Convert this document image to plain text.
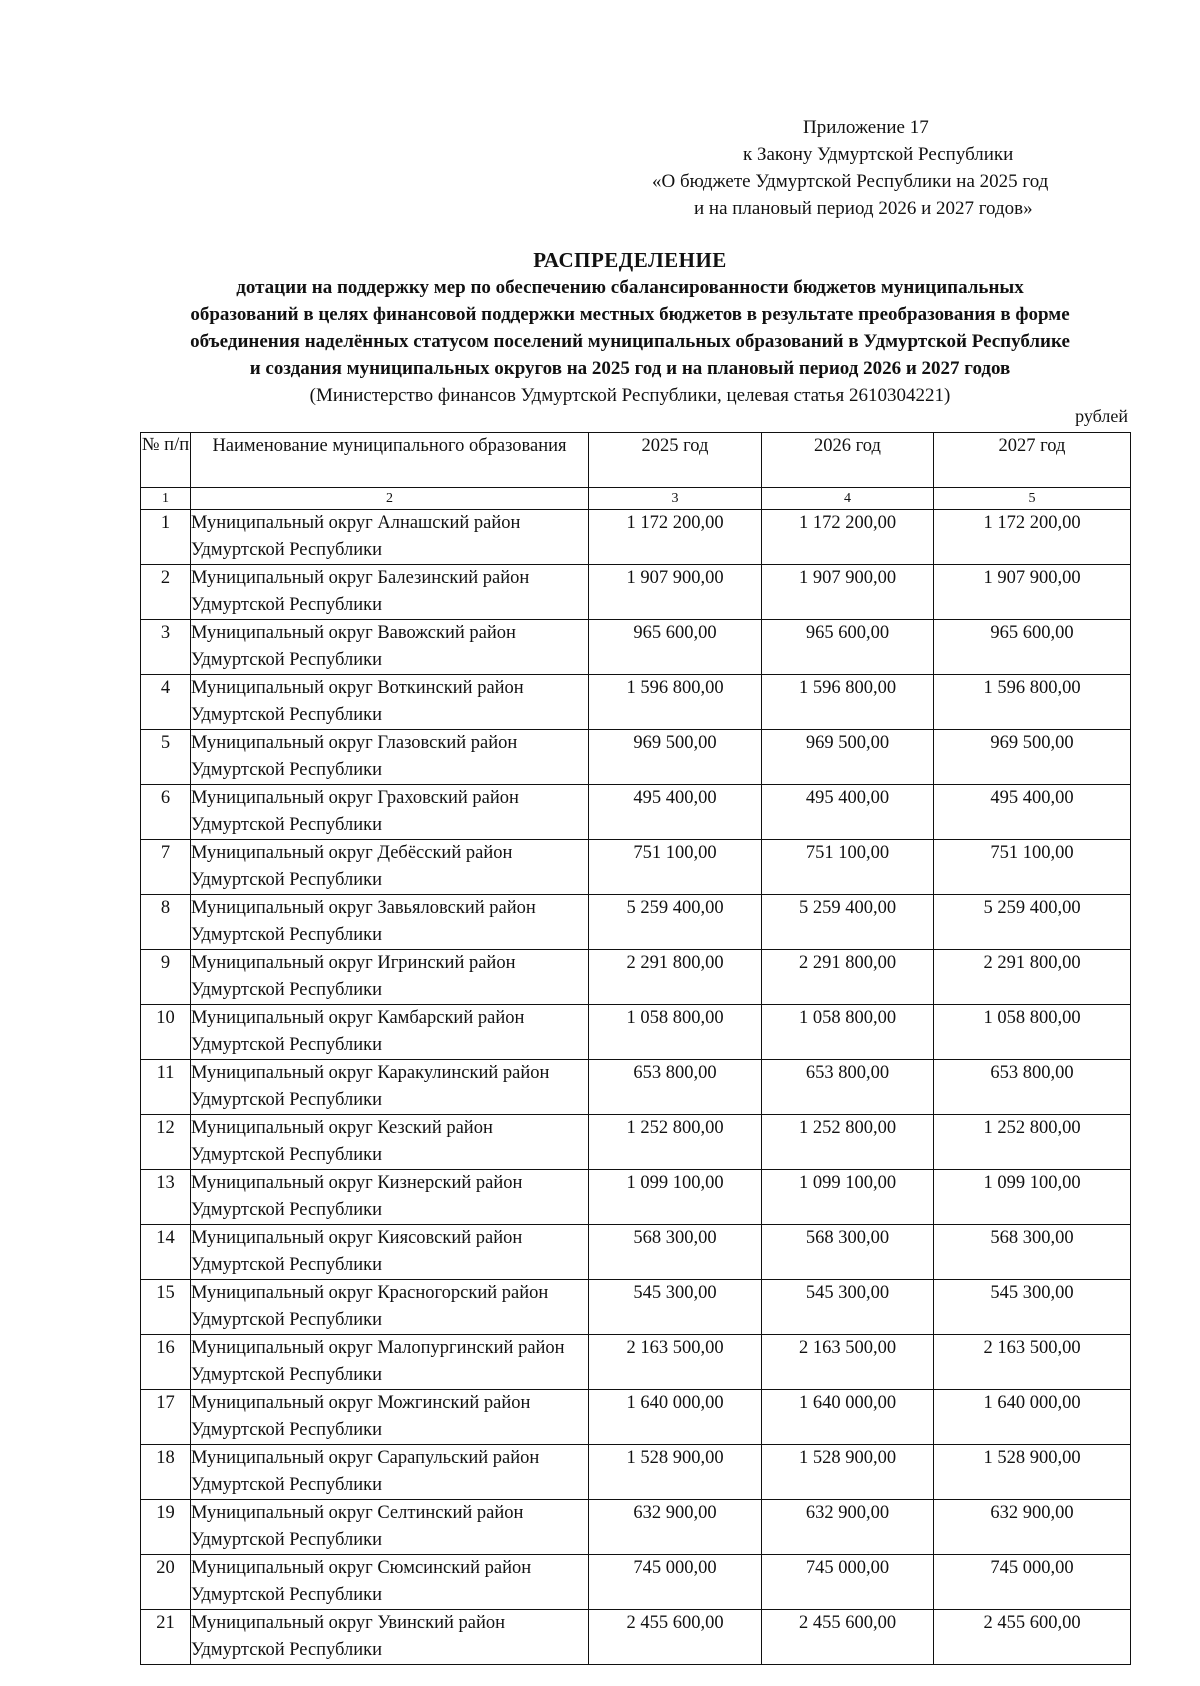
Приложение 17
к Закону Удмуртской Республики
«О бюджете Удмуртской Республики на 2025 год
и на плановый период 2026 и 2027 годов»
РАСПРЕДЕЛЕНИЕ
дотации на поддержку мер по обеспечению сбалансированности бюджетов муниципальных
образований в целях финансовой поддержки местных бюджетов в результате преобразования в форме
объединения наделённых статусом поселений муниципальных образований в Удмуртской Республике
и создания муниципальных округов на 2025 год и на плановый период 2026 и 2027 годов
(Министерство финансов Удмуртской Республики, целевая статья 2610304221)
рублей
№ п/п	Наименование муниципального образования	2025 год	2026 год	2027 год
1	2	3	4	5
1	Муниципальный округ Алнашский район Удмуртской Республики	1 172 200,00	1 172 200,00	1 172 200,00
2	Муниципальный округ Балезинский район Удмуртской Республики	1 907 900,00	1 907 900,00	1 907 900,00
3	Муниципальный округ Вавожский район Удмуртской Республики	965 600,00	965 600,00	965 600,00
4	Муниципальный округ Воткинский район Удмуртской Республики	1 596 800,00	1 596 800,00	1 596 800,00
5	Муниципальный округ Глазовский район Удмуртской Республики	969 500,00	969 500,00	969 500,00
6	Муниципальный округ Граховский район Удмуртской Республики	495 400,00	495 400,00	495 400,00
7	Муниципальный округ Дебёсский район Удмуртской Республики	751 100,00	751 100,00	751 100,00
8	Муниципальный округ Завьяловский район Удмуртской Республики	5 259 400,00	5 259 400,00	5 259 400,00
9	Муниципальный округ Игринский район Удмуртской Республики	2 291 800,00	2 291 800,00	2 291 800,00
10	Муниципальный округ Камбарский район Удмуртской Республики	1 058 800,00	1 058 800,00	1 058 800,00
11	Муниципальный округ Каракулинский район Удмуртской Республики	653 800,00	653 800,00	653 800,00
12	Муниципальный округ Кезский район Удмуртской Республики	1 252 800,00	1 252 800,00	1 252 800,00
13	Муниципальный округ Кизнерский район Удмуртской Республики	1 099 100,00	1 099 100,00	1 099 100,00
14	Муниципальный округ Киясовский район Удмуртской Республики	568 300,00	568 300,00	568 300,00
15	Муниципальный округ Красногорский район Удмуртской Республики	545 300,00	545 300,00	545 300,00
16	Муниципальный округ Малопургинский район Удмуртской Республики	2 163 500,00	2 163 500,00	2 163 500,00
17	Муниципальный округ Можгинский район Удмуртской Республики	1 640 000,00	1 640 000,00	1 640 000,00
18	Муниципальный округ Сарапульский район Удмуртской Республики	1 528 900,00	1 528 900,00	1 528 900,00
19	Муниципальный округ Селтинский район Удмуртской Республики	632 900,00	632 900,00	632 900,00
20	Муниципальный округ Сюмсинский район Удмуртской Республики	745 000,00	745 000,00	745 000,00
21	Муниципальный округ Увинский район Удмуртской Республики	2 455 600,00	2 455 600,00	2 455 600,00
